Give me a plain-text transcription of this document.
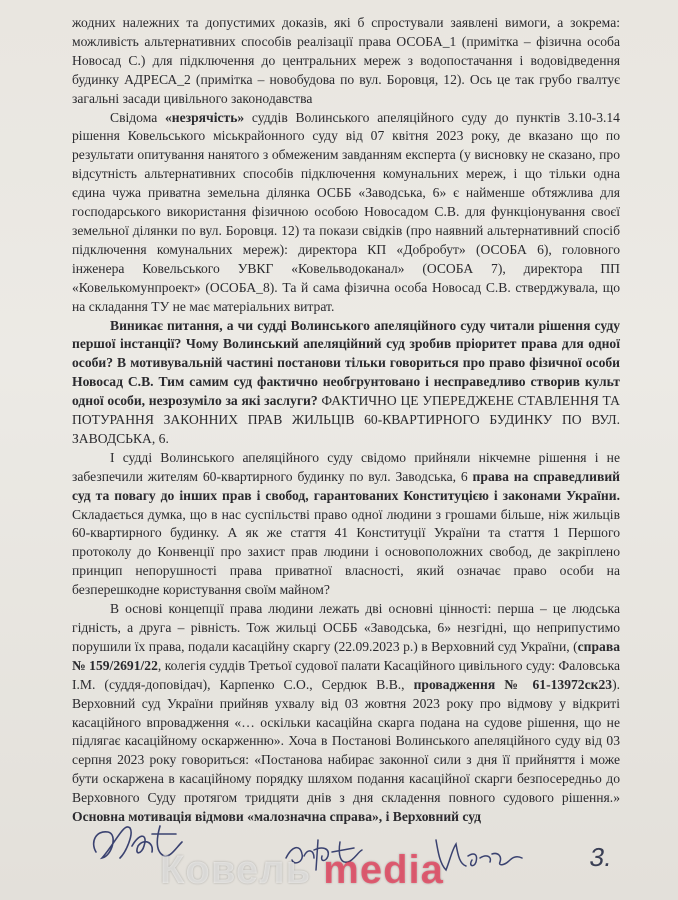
жодних належних та допустимих доказів, які б спростували заявлені вимоги, а зокрема: можливість альтернативних способів реалізації права ОСОБА_1 (примітка – фізична особа Новосад С.) для підключення до центральних мереж з водопостачання і водовідведення будинку АДРЕСА_2 (примітка – новобудова по вул. Боровця, 12). Ось це так грубо гвалтує загальні засади цивільного законодавства

Свідома «незрячість» суддів Волинського апеляційного суду до пунктів 3.10-3.14 рішення Ковельського міськрайонного суду від 07 квітня 2023 року, де вказано що по результати опитування нанятого з обмеженим завданням експерта (у висновку не сказано, про відсутність альтернативних способів підключення комунальних мереж, і що тільки одна єдина чужа приватна земельна ділянка ОСББ «Заводська, 6» є найменше обтяжлива для господарського використання фізичною особою Новосадом С.В. для функціонування своєї земельної ділянки по вул. Боровця. 12) та покази свідків (про наявний альтернативний спосіб підключення комунальних мереж): директора КП «Добробут» (ОСОБА 6), головного інженера Ковельського УВКГ «Ковельводоканал» (ОСОБА 7), директора ПП «Ковелькомунпроект» (ОСОБА_8). Та й сама фізична особа Новосад С.В. стверджувала, що на складання ТУ не має матеріальних витрат.

Виникає питання, а чи судді Волинського апеляційного суду читали рішення суду першої інстанції? Чому Волинський апеляційний суд зробив пріоритет права для одної особи? В мотивувальній частині постанови тільки говориться про право фізичної особи Новосад С.В. Тим самим суд фактично необгрунтовано і несправедливо створив культ одної особи, незрозуміло за які заслуги? ФАКТИЧНО ЦЕ УПЕРЕДЖЕНЕ СТАВЛЕННЯ ТА ПОТУРАННЯ ЗАКОННИХ ПРАВ ЖИЛЬЦІВ 60-КВАРТИРНОГО БУДИНКУ ПО ВУЛ. ЗАВОДСЬКА, 6.

І судді Волинського апеляційного суду свідомо прийняли нікчемне рішення і не забезпечили жителям 60-квартирного будинку по вул. Заводська, 6 права на справедливий суд та повагу до інших прав і свобод, гарантованих Конституцією і законами України. Складається думка, що в нас суспільстві право одної людини з грошами більше, ніж жильців 60-квартирного будинку. А як же стаття 41 Конституції України та стаття 1 Першого протоколу до Конвенції про захист прав людини і основоположних свобод, де закріплено принцип непорушності права приватної власності, який означає право особи на безперешкодне користування своїм майном?

В основі концепції права людини лежать дві основні цінності: перша – це людська гідність, а друга – рівність. Тож жильці ОСББ «Заводська, 6» незгідні, що неприпустимо порушили їх права, подали касаційну скаргу (22.09.2023 р.) в Верховний суд України, (справа № 159/2691/22, колегія суддів Третьої судової палати Касаційного цивільного суду: Фаловська І.М. (суддя-доповідач), Карпенко С.О., Сердюк В.В., провадження № 61-13972ск23). Верховний суд України прийняв ухвалу від 03 жовтня 2023 року про відмову у відкриті касаційного впровадження «… оскільки касаційна скарга подана на судове рішення, що не підлягає касаційному оскарженню». Хоча в Постанові Волинського апеляційного суду від 03 серпня 2023 року говориться: «Постанова набирає законної сили з дня її прийняття і може бути оскаржена в касаційному порядку шляхом подання касаційної скарги безпосередньо до Верховного Суду протягом тридцяти днів з дня складення повного судового рішення.» Основна мотивація відмови «малозначна справа», і Верховний суд

3.
Ковель media
